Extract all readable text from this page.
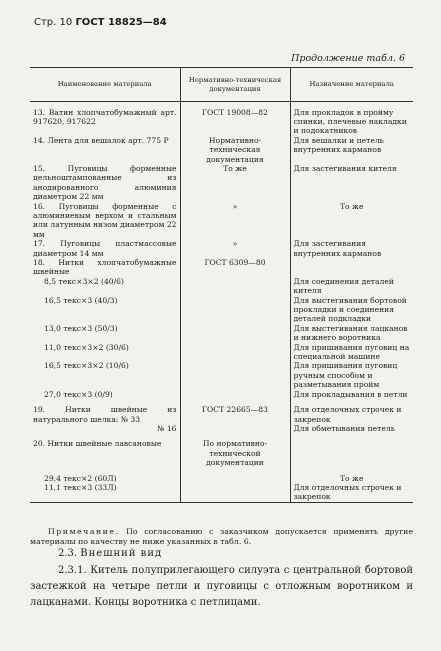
Стр. 10 ГОСТ 18825—84
Продолжение табл. 6
Наименование материала	Нормативно-техническая документация	Назначение материала

13. Ватин хлопчатобумажный арт. 917620, 917622	ГОСТ 19008—82	Для прокладок в пройму спинки, плечевые накладки и подокатников
14. Лента для вешалок арт. 775 Р	Нормативно-техническая документация	Для вешалки и петель внутренних карманов
15. Пуговицы форменные цельноштампованные из анодированного алюминия диаметром 22 мм	То же	Для застегивания кителя
16. Пуговицы форменные с алюминиевым верхом и стальным или латунным низом диаметром 22 мм	»	То же
17. Пуговицы пластмассовые диаметром 14 мм	»	Для застегивания внутренних карманов
18. Нитки хлопчатобумажные швейные	ГОСТ 6309—80	
8,5 текс×3×2 (40/6)		Для соединения деталей кителя
16,5 текс×3 (40/3)		Для выстегивания бортовой прокладки и соединения деталей подкладки
13,0 текс×3 (50/3)		Для выстегивания лацканов и нижнего воротника
11,0 текс×3×2 (30/6)		Для пришивания пуговиц на специальной машине
16,5 текс×3×2 (10/6)		Для пришивания пуговиц ручным способом и разметывания пройм
27,0 текс×3 (0/9)		Для прокладывания в петли

19. Нитки швейные из натурального шелка: № 33	ГОСТ 22665—83	Для отделочных строчек и закрепок
№ 16		Для обметывания петель

20. Нитки швейные лавсановые	По нормативно-технической документации	

29,4 текс×2 (60Л)		То же
11,1 текс×3 (33Л)		Для отделочных строчек и закрепок
Примечание. По согласованию с заказчиком допускается применять другие материалы по качеству не ниже указанных в табл. 6.
2.3. Внешний вид
2.3.1. Китель полуприлегающего силуэта с центральной бортовой застежкой на четыре петли и пуговицы с отложным воротником и лацканами. Концы воротника с петлицами.
